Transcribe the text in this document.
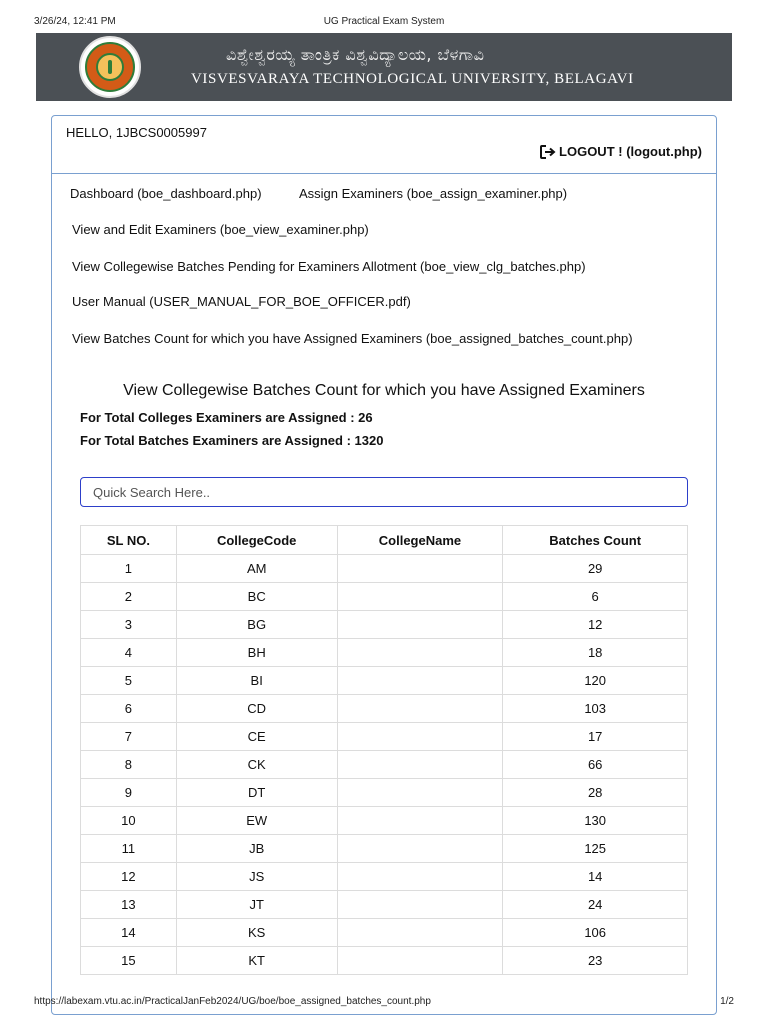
3/26/24, 12:41 PM	UG Practical Exam System
ವಿಶ್ವೇಶ್ವರಯ್ಯ ತಾಂತ್ರಿಕ ವಿಶ್ವವಿದ್ಯಾಲಯ, ಬೆಳಗಾವಿ
VISVESVARAYA TECHNOLOGICAL UNIVERSITY, BELAGAVI
HELLO, 1JBCS0005997
LOGOUT ! (logout.php)
Dashboard (boe_dashboard.php)	Assign Examiners (boe_assign_examiner.php)
View and Edit Examiners (boe_view_examiner.php)
View Collegewise Batches Pending for Examiners Allotment (boe_view_clg_batches.php)
User Manual (USER_MANUAL_FOR_BOE_OFFICER.pdf)
View Batches Count for which you have Assigned Examiners (boe_assigned_batches_count.php)
View Collegewise Batches Count for which you have Assigned Examiners
For Total Colleges Examiners are Assigned : 26
For Total Batches Examiners are Assigned : 1320
Quick Search Here..
SL NO.	CollegeCode	CollegeName	Batches Count
1	AM		29
2	BC		6
3	BG		12
4	BH		18
5	BI		120
6	CD		103
7	CE		17
8	CK		66
9	DT		28
10	EW		130
11	JB		125
12	JS		14
13	JT		24
14	KS		106
15	KT		23
https://labexam.vtu.ac.in/PracticalJanFeb2024/UG/boe/boe_assigned_batches_count.php	1/2
